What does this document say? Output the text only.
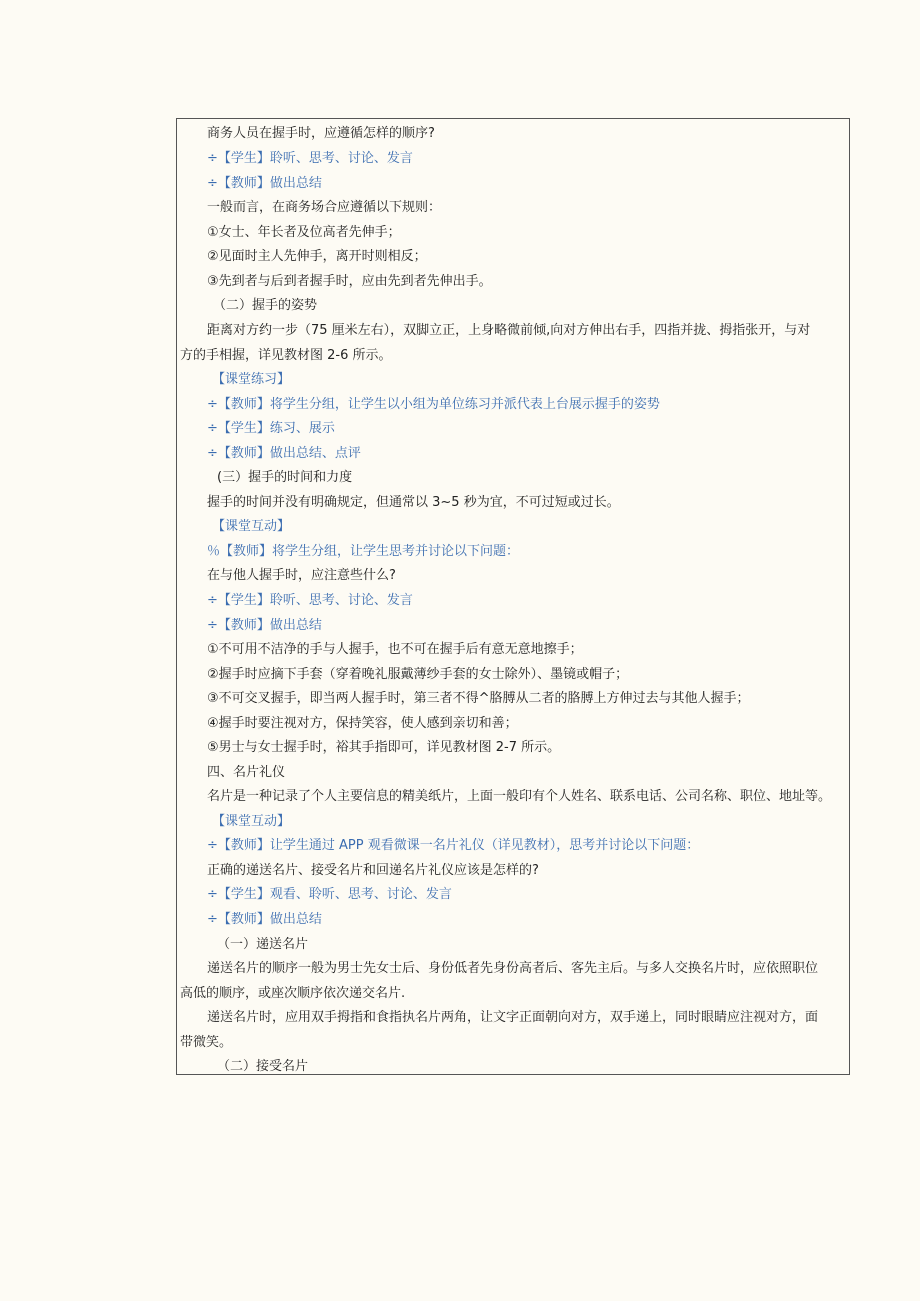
商务人员在握手时，应遵循怎样的顺序?
÷【学生】聆听、思考、讨论、发言
÷【教师】做出总结
一般而言，在商务场合应遵循以下规则：
①女士、年长者及位高者先伸手；
②见面时主人先伸手，离开时则相反；
③先到者与后到者握手时，应由先到者先伸出手。
（二）握手的姿势
距离对方约一步（75 厘米左右），双脚立正，上身略微前倾,向对方伸出右手，四指并拢、拇指张开，与对方的手相握，详见教材图 2-6 所示。
【课堂练习】
÷【教师】将学生分组，让学生以小组为单位练习并派代表上台展示握手的姿势
÷【学生】练习、展示
÷【教师】做出总结、点评
(三）握手的时间和力度
握手的时间并没有明确规定，但通常以 3~5 秒为宜，不可过短或过长。
【课堂互动】
％【教师】将学生分组，让学生思考并讨论以下问题：
在与他人握手时，应注意些什么?
÷【学生】聆听、思考、讨论、发言
÷【教师】做出总结
①不可用不洁净的手与人握手，也不可在握手后有意无意地擦手；
②握手时应摘下手套（穿着晚礼服戴薄纱手套的女士除外）、墨镜或帽子；
③不可交叉握手，即当两人握手时，第三者不得^胳膊从二者的胳膊上方伸过去与其他人握手；
④握手时要注视对方，保持笑容，使人感到亲切和善；
⑤男士与女士握手时，裕其手指即可，详见教材图 2-7 所示。
四、名片礼仪
名片是一种记录了个人主要信息的精美纸片，上面一般印有个人姓名、联系电话、公司名称、职位、地址等。
【课堂互动】
÷【教师】让学生通过 APP 观看微课一名片礼仪（详见教材），思考并讨论以下问题：
正确的递送名片、接受名片和回递名片礼仪应该是怎样的?
÷【学生】观看、聆听、思考、讨论、发言
÷【教师】做出总结
（一）递送名片
递送名片的顺序一般为男士先女士后、身份低者先身份高者后、客先主后。与多人交换名片时，应依照职位高低的顺序，或座次顺序依次递交名片.
递送名片时，应用双手拇指和食指执名片两角，让文字正面朝向对方，双手递上，同时眼睛应注视对方，面带微笑。
（二）接受名片
